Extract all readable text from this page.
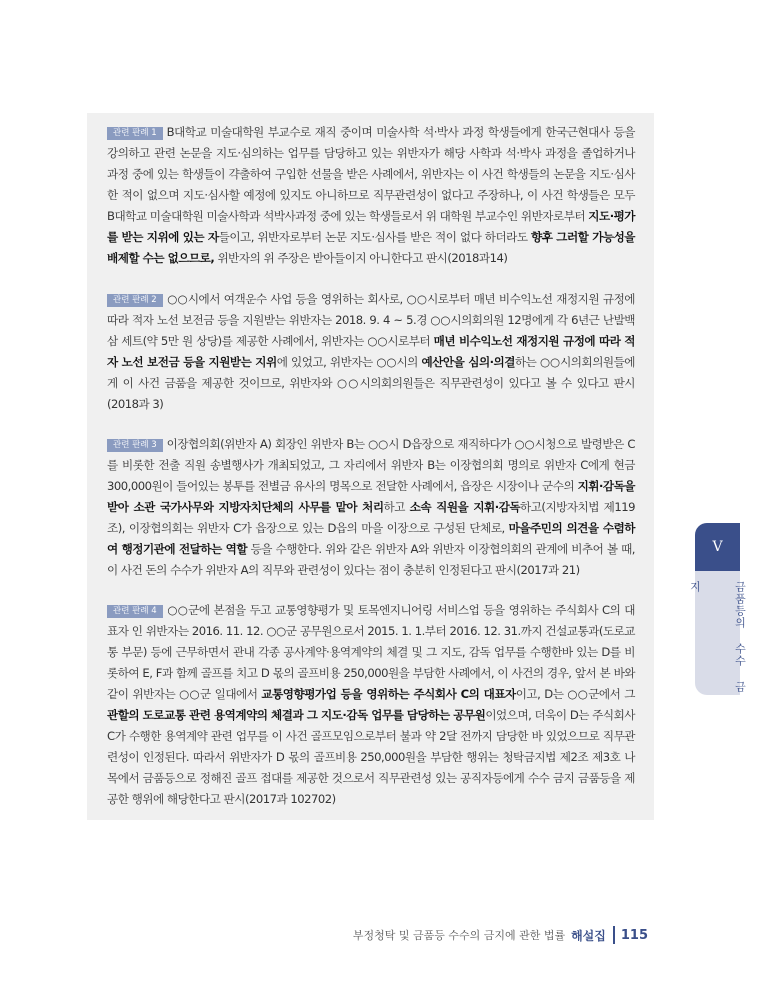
관련 판례 1 B대학교 미술대학원 부교수로 재직 중이며 미술사학 석·박사 과정 학생들에게 한국근현대사 등을 강의하고 관련 논문을 지도·심의하는 업무를 담당하고 있는 위반자가 해당 사학과 석·박사 과정을 졸업하거나 과정 중에 있는 학생들이 갹출하여 구입한 선물을 받은 사례에서, 위반자는 이 사건 학생들의 논문을 지도·심사한 적이 없으며 지도·심사할 예정에 있지도 아니하므로 직무관련성이 없다고 주장하나, 이 사건 학생들은 모두 B대학교 미술대학원 미술사학과 석박사과정 중에 있는 학생들로서 위 대학원 부교수인 위반자로부터 지도·평가를 받는 지위에 있는 자들이고, 위반자로부터 논문 지도·심사를 받은 적이 없다 하더라도 향후 그러할 가능성을 배제할 수는 없으므로, 위반자의 위 주장은 받아들이지 아니한다고 판시(2018과14)
관련 판례 2 ○○시에서 여객운수 사업 등을 영위하는 회사로, ○○시로부터 매년 비수익노선 재정지원 규정에 따라 적자 노선 보전금 등을 지원받는 위반자는 2018. 9. 4 ~ 5.경 ○○시의회의원 12명에게 각 6년근 난발백삼 세트(약 5만 원 상당)를 제공한 사례에서, 위반자는 ○○시로부터 매년 비수익노선 재정지원 규정에 따라 적자 노선 보전금 등을 지원받는 지위에 있었고, 위반자는 ○○시의 예산안을 심의·의결하는 ○○시의회의원들에게 이 사건 금품을 제공한 것이므로, 위반자와 ○○시의회의원들은 직무관련성이 있다고 볼 수 있다고 판시(2018과 3)
관련 판례 3 이장협의회(위반자 A) 회장인 위반자 B는 ○○시 D읍장으로 재직하다가 ○○시청으로 발령받은 C를 비롯한 전출 직원 송별행사가 개최되었고, 그 자리에서 위반자 B는 이장협의회 명의로 위반자 C에게 현금 300,000원이 들어있는 봉투를 전별금 유사의 명목으로 전달한 사례에서, 읍장은 시장이나 군수의 지휘·감독을 받아 소관 국가사무와 지방자치단체의 사무를 맡아 처리하고 소속 직원을 지휘·감독하고(지방자치법 제119조), 이장협의회는 위반자 C가 읍장으로 있는 D읍의 마을 이장으로 구성된 단체로, 마을주민의 의견을 수렴하여 행정기관에 전달하는 역할 등을 수행한다. 위와 같은 위반자 A와 위반자 이장협의회의 관계에 비추어 볼 때, 이 사건 돈의 수수가 위반자 A의 직무와 관련성이 있다는 점이 충분히 인정된다고 판시(2017과 21)
관련 판례 4 ○○군에 본점을 두고 교통영향평가 및 토목엔지니어링 서비스업 등을 영위하는 주식회사 C의 대표자 인 위반자는 2016. 11. 12. ○○군 공무원으로서 2015. 1. 1.부터 2016. 12. 31.까지 건설교통과(도로교통 부문) 등에 근무하면서 관내 각종 공사계약·용역계약의 체결 및 그 지도, 감독 업무를 수행한바 있는 D를 비롯하여 E, F과 함께 골프를 치고 D 몫의 골프비용 250,000원을 부담한 사례에서, 이 사건의 경우, 앞서 본 바와 같이 위반자는 ○○군 일대에서 교통영향평가업 등을 영위하는 주식회사 C의 대표자이고, D는 ○○군에서 그 관할의 도로교통 관련 용역계약의 체결과 그 지도·감독 업무를 담당하는 공무원이었으며, 더욱이 D는 주식회사 C가 수행한 용역계약 관련 업무를 이 사건 골프모임으로부터 불과 약 2달 전까지 담당한 바 있었으므로 직무관련성이 인정된다. 따라서 위반자가 D 몫의 골프비용 250,000원을 부담한 행위는 청탁금지법 제2조 제3호 나목에서 금품등으로 정해진 골프 접대를 제공한 것으로서 직무관련성 있는 공직자등에게 수수 금지 금품등을 제공한 행위에 해당한다고 판시(2017과 102702)
V
금품등의 수수 금지
부정청탁 및 금품등 수수의 금지에 관한 법률 해설집 115
